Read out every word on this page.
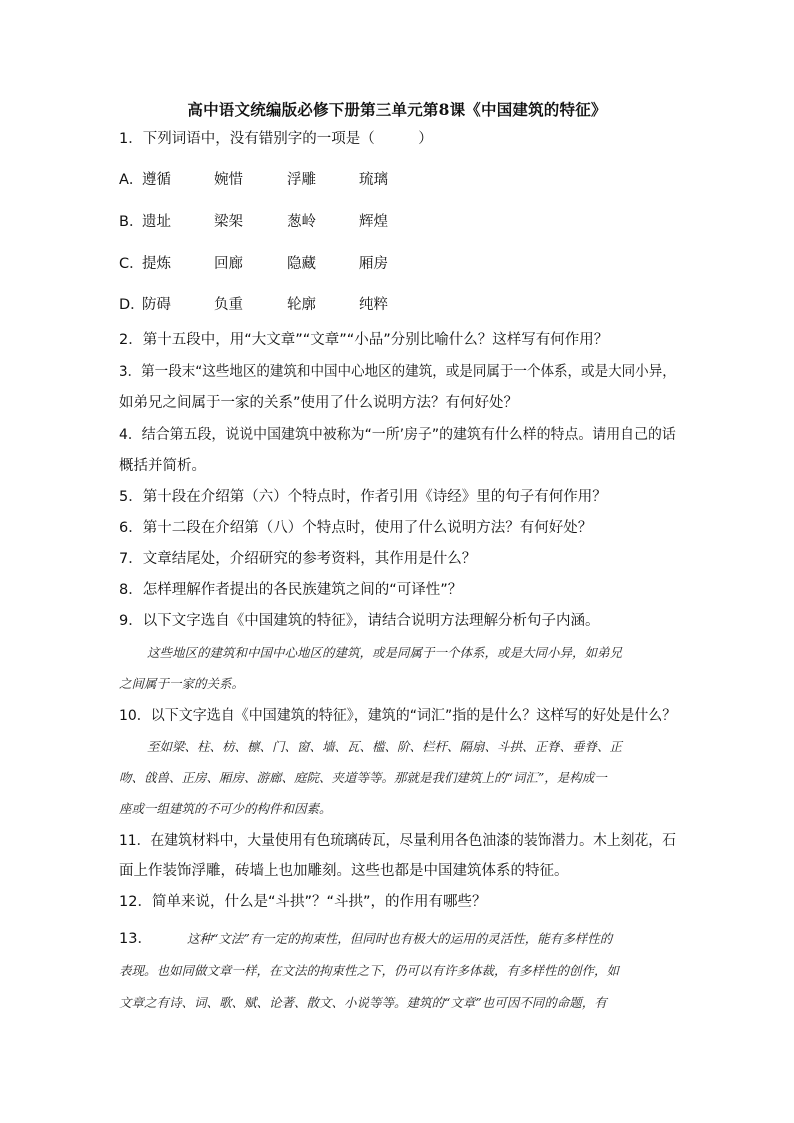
高中语文统编版必修下册第三单元第8课《中国建筑的特征》
1．下列词语中，没有错别字的一项是（　　　）
A．
遵循	婉惜	浮雕	琉璃
B．
遗址	梁架	葱岭	辉煌
C．
提炼	回廊	隐藏	厢房
D．
防碍	负重	轮廓	纯粹
2．第十五段中，用“大文章”“文章”“小品”分别比喻什么？这样写有何作用？
3．第一段末“这些地区的建筑和中国中心地区的建筑，或是同属于一个体系，或是大同小异，
如弟兄之间属于一家的关系”使用了什么说明方法？有何好处？
4．结合第五段，说说中国建筑中被称为“一所’房子”的建筑有什么样的特点。请用自己的话
概括并简析。
5．第十段在介绍第（六）个特点时，作者引用《诗经》里的句子有何作用？
6．第十二段在介绍第（八）个特点时，使用了什么说明方法？有何好处？
7．文章结尾处，介绍研究的参考资料，其作用是什么？
8．怎样理解作者提出的各民族建筑之间的“可译性”？
9．以下文字选自《中国建筑的特征》，请结合说明方法理解分析句子内涵。
这些地区的建筑和中国中心地区的建筑，或是同属于一个体系，或是大同小异，如弟兄
之间属于一家的关系。
10．以下文字选自《中国建筑的特征》，建筑的“词汇”指的是什么？这样写的好处是什么？
至如梁、柱、枋、檩、门、窗、墙、瓦、槛、阶、栏杆、隔扇、斗拱、正脊、垂脊、正
吻、戗兽、正房、厢房、游廊、庭院、夹道等等。那就是我们建筑上的“词汇”，是构成一
座或一组建筑的不可少的构件和因素。
11．在建筑材料中，大量使用有色琉璃砖瓦，尽量利用各色油漆的装饰潜力。木上刻花，石
面上作装饰浮雕，砖墙上也加雕刻。这些也都是中国建筑体系的特征。
12．简单来说，什么是“斗拱”？“斗拱”，的作用有哪些？
13．	这种“文法”有一定的拘束性，但同时也有极大的运用的灵活性，能有多样性的
表现。也如同做文章一样，在文法的拘束性之下，仍可以有许多体裁，有多样性的创作，如
文章之有诗、词、歌、赋、论著、散文、小说等等。建筑的“文章”也可因不同的命题，有
